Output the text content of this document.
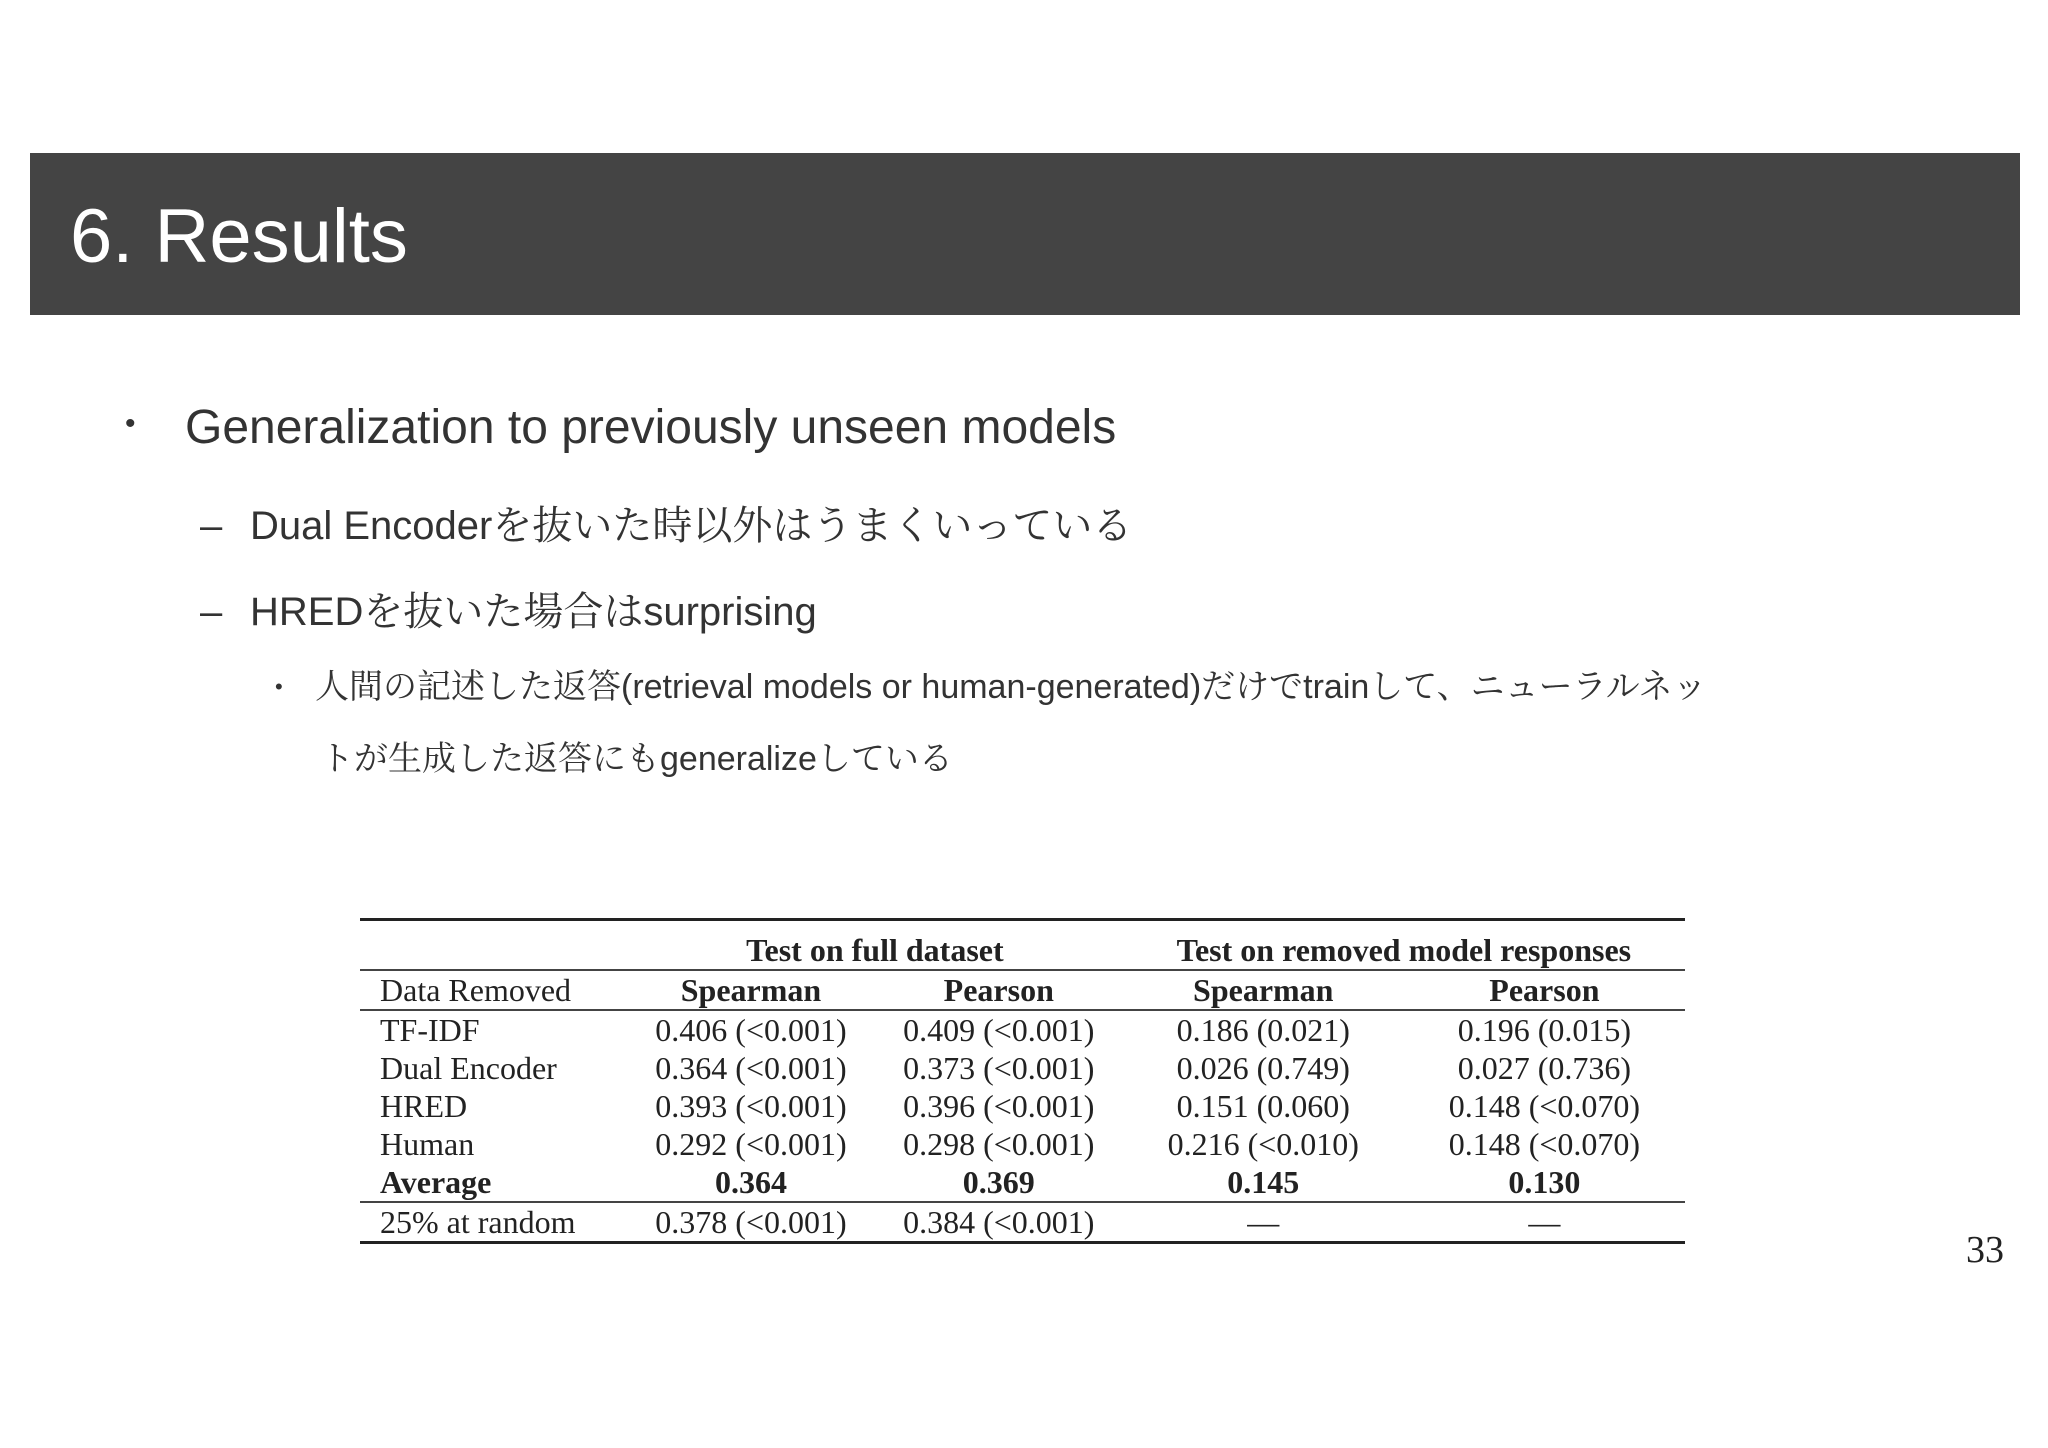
6. Results
• Generalization to previously unseen models
– Dual Encoderを抜いた時以外はうまくいっている
– HREDを抜いた場合はsurprising
• 人間の記述した返答(retrieval models or human-generated)だけでtrainして、ニューラルネッ
トが生成した返答にもgeneralizeしている
	Test on full dataset		Test on removed model responses	
Data Removed	Spearman	Pearson	Spearman	Pearson
TF-IDF	0.406 (<0.001)	0.409 (<0.001)	0.186 (0.021)	0.196 (0.015)
Dual Encoder	0.364 (<0.001)	0.373 (<0.001)	0.026 (0.749)	0.027 (0.736)
HRED	0.393 (<0.001)	0.396 (<0.001)	0.151 (0.060)	0.148 (<0.070)
Human	0.292 (<0.001)	0.298 (<0.001)	0.216 (<0.010)	0.148 (<0.070)
Average	0.364	0.369	0.145	0.130
25% at random	0.378 (<0.001)	0.384 (<0.001)	—	—
33
